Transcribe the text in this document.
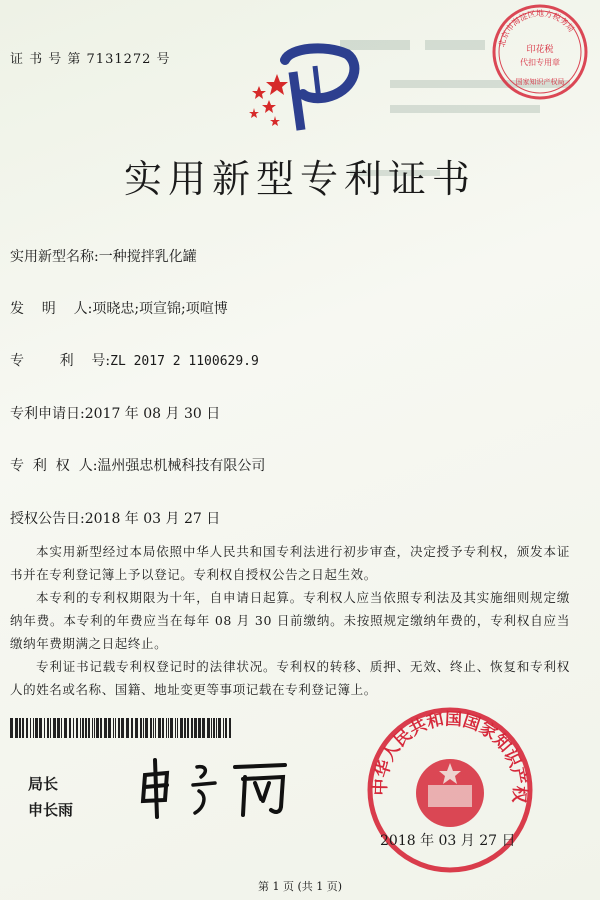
证 书 号 第 7131272 号
实用新型专利证书
实用新型名称:一种搅拌乳化罐
发    明    人:项晓忠;项宣锦;项喧博
专        利    号:ZL 2017 2 1100629.9
专利申请日:2017 年 08 月 30 日
专  利  权  人:温州强忠机械科技有限公司
授权公告日:2018 年 03 月 27 日

本实用新型经过本局依照中华人民共和国专利法进行初步审查，决定授予专利权，颁发本证书并在专利登记簿上予以登记。专利权自授权公告之日起生效。

本专利的专利权期限为十年，自申请日起算。专利权人应当依照专利法及其实施细则规定缴纳年费。本专利的年费应当在每年 08 月 30 日前缴纳。未按照规定缴纳年费的，专利权自应当缴纳年费期满之日起终止。

专利证书记载专利权登记时的法律状况。专利权的转移、质押、无效、终止、恢复和专利权人的姓名或名称、国籍、地址变更等事项记载在专利登记簿上。

局长
申长雨
北京市海淀区地方税务局
印花税
代扣专用章
国家知识产权局
中华人民共和国国家知识产权
2018 年 03 月 27 日
第 1 页 (共 1 页)
